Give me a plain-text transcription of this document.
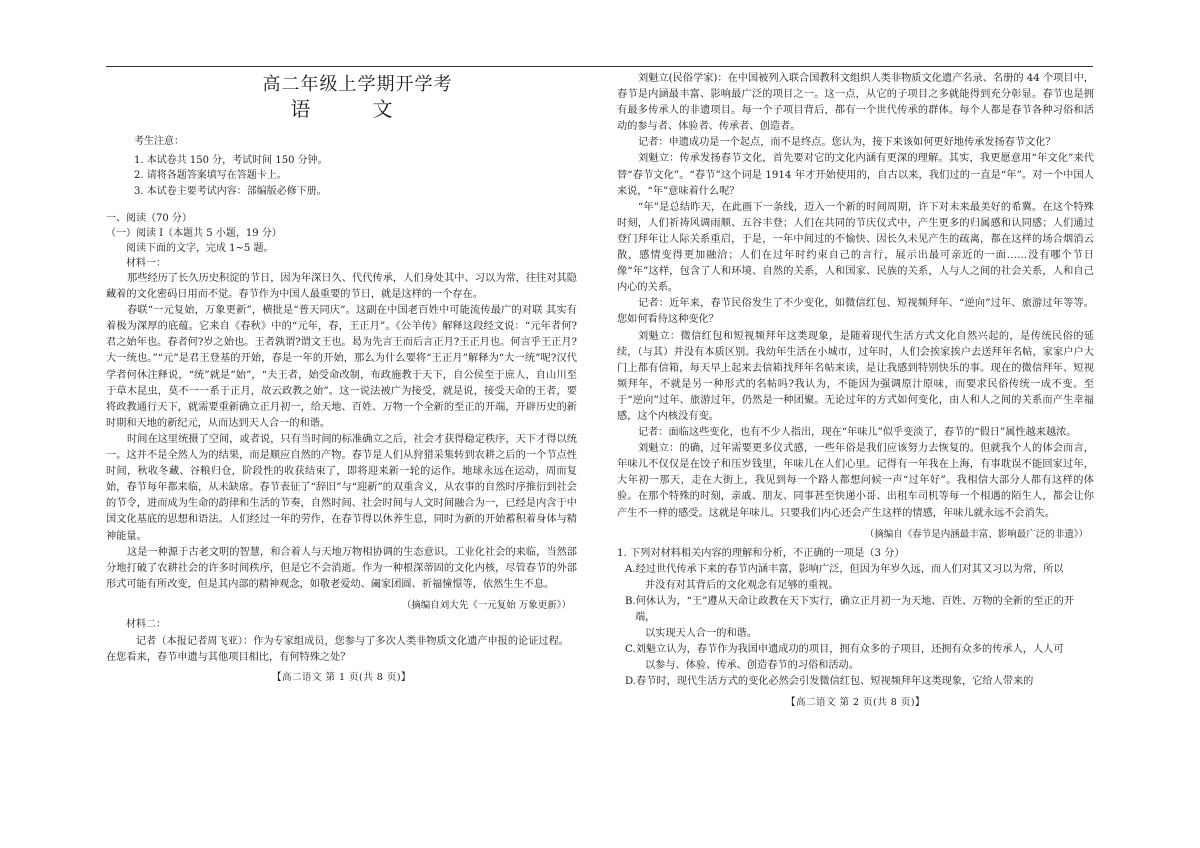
高二年级上学期开学考
语 文
考生注意：
1. 本试卷共 150 分，考试时间 150 分钟。
2. 请将各题答案填写在答题卡上。
3. 本试卷主要考试内容：部编版必修下册。
一、阅读（70 分）
（一）阅读 I（本题共 5 小题，19 分）
阅读下面的文字，完成 1~5 题。
材料一：

那些经历了长久历史积淀的节日，因为年深日久、代代传承，人们身处其中、习以为常，往往对其隐藏着的文化密码日用而不觉。春节作为中国人最重要的节日，就是这样的一个存在。

春联“一元复始，万象更新”，横批是“普天同庆”。这副在中国老百姓中可能流传最广的对联 其实有着极为深厚的底蕴。它来自《春秋》中的“元年，春，王正月”。《公羊传》解释这段经文说：“元年者何?君之始年也。春者何?岁之始也。王者孰谓?谓文王也。曷为先言王而后言正月?王正月也。何言乎王正月?大一统也。”“元”是君王登基的开始，春是一年的开始，那么为什么要将“王正月”解释为“大一统”呢?汉代学者何休注释说，“统”就是“始”，“夫王者，始受命改制，布政施教于天下，自公侯至于庶人，自山川至于草木昆虫，莫不一一系于正月，故云政教之始”。这一说法被广为接受，就是说，接受天命的王者，要将政教通行天下，就需要重新确立正月初一，给天地、百姓、万物一个全新的至正的开端，开辟历史的新时期和天地的新纪元，从而达到天人合一的和谐。

时间在这里统摄了空间，或者说，只有当时间的标准确立之后，社会才获得稳定秩序，天下才得以统一。这并不是全然人为的结果，而是顺应自然的产物。春节是人们从狩猎采集转到农耕之后的一个节点性时间，秋收冬藏、谷粮归仓，阶段性的收获结束了，即将迎来新一轮的运作。地球永远在运动，周而复始，春节每年都来临，从未缺席。春节表征了“辞旧”与“迎新”的双重含义，从农事的自然时序推衍到社会的节令，进而成为生命的韵律和生活的节奏，自然时间、社会时间与人文时间融合为一，已经是内含于中国文化基底的思想和语法。人们经过一年的劳作，在春节得以休养生息，同时为新的开始蓄积着身体与精神能量。

这是一种源于古老文明的智慧，和合着人与天地万物相协调的生态意识。工业化社会的来临，当然部分地打破了农耕社会的许多时间秩序，但是它不会消逝。作为一种根深蒂固的文化内核，尽管春节的外部形式可能有所改变，但是其内部的精神观念，如敬老爱幼、阖家团圆、祈福憧憬等，依然生生不息。

（摘编自刘大先《一元复始 万象更新》）
材料二：

记者（本报记者周飞亚）：作为专家组成员，您参与了多次人类非物质文化遗产申报的论证过程。

在您看来，春节申遗与其他项目相比，有何特殊之处？

【高二语文 第 1 页(共 8 页)】

刘魁立(民俗学家)：在中国被列入联合国教科文组织人类非物质文化遗产名录、名册的 44 个项目中，春节是内涵最丰富、影响最广泛的项目之一。这一点，从它的子项目之多就能得到充分彰显。春节也是拥有最多传承人的非遗项目。每一个子项目背后，都有一个世代传承的群体。每个人都是春节各种习俗和活动的参与者、体验者、传承者、创造者。

记者：申遗成功是一个起点，而不是终点。您认为，接下来该如何更好地传承发扬春节文化？

刘魁立：传承发扬春节文化，首先要对它的文化内涵有更深的理解。其实，我更愿意用“年文化”来代替“春节文化”。“春节”这个词是 1914 年才开始使用的，自古以来，我们过的一直是“年”。对一个中国人来说，“年”意味着什么呢？

“年”是总结昨天，在此画下一条线，迈入一个新的时间周期，许下对未来最美好的希冀。在这个特殊时刻，人们祈祷风调雨顺、五谷丰登；人们在共同的节庆仪式中，产生更多的归属感和认同感；人们通过登门拜年让人际关系重启，于是，一年中间过的不愉快、因长久未见产生的疏离，都在这样的场合烟消云散，感情变得更加融洽；人们在过年时约束自己的言行，展示出最可亲近的一面……没有哪个节日像“年”这样，包含了人和环境、自然的关系，人和国家、民族的关系，人与人之间的社会关系，人和自己内心的关系。

记者：近年来，春节民俗发生了不少变化，如微信红包、短视频拜年、“逆向”过年、旅游过年等等。您如何看待这种变化？

刘魁立：微信红包和短视频拜年这类现象，是随着现代生活方式文化自然兴起的，是传统民俗的延续，（与其）并没有本质区别。我幼年生活在小城市，过年时，人们会挨家挨户去送拜年名帖，家家户户大门上都有信箱，每天早上起来去信箱找拜年名帖来读，是让我感到特别快乐的事。现在的微信拜年、短视频拜年，不就是另一种形式的名帖吗?我认为，不能因为强调原汁原味，而要求民俗传统一成不变。至于“逆向”过年、旅游过年，仍然是一种团聚。无论过年的方式如何变化，由人和人之间的关系而产生幸福感，这个内核没有变。

记者：面临这些变化，也有不少人指出，现在“年味儿”似乎变淡了，春节的“假日”属性越来越浓。

刘魁立：的确，过年需要更多仪式感，一些年俗是我们应该努力去恢复的。但就我个人的体会而言，年味儿不仅仅是在饺子和压岁钱里，年味儿在人们心里。记得有一年我在上海，有事耽误不能回家过年，大年初一那天，走在大街上，我见到每一个路人都想问候一声“过年好”。我相信大部分人都有这样的体验。在那个特殊的时刻，亲戚、朋友、同事甚至快递小哥、出租车司机等每一个相遇的陌生人，都会让你产生不一样的感受。这就是年味儿。只要我们内心还会产生这样的情感，年味儿就永远不会消失。

（摘编自《春节是内涵最丰富、影响最广泛的非遗》）
1. 下列对材料相关内容的理解和分析，不正确的一项是（3 分）
A.经过世代传承下来的春节内涵丰富，影响广泛，但因为年岁久远，而人们对其又习以为常，所以
并没有对其背后的文化观念有足够的重视。
B.何休认为，“王”遵从天命让政教在天下实行，确立正月初一为天地、百姓、万物的全新的至正的开端，
以实现天人合一的和谐。
C.刘魁立认为，春节作为我国申遗成功的项目，拥有众多的子项目，还拥有众多的传承人，人人可
以参与、体验、传承、创造春节的习俗和活动。
D.春节时，现代生活方式的变化必然会引发微信红包、短视频拜年这类现象，它给人带来的
【高二语文 第 2 页(共 8 页)】
